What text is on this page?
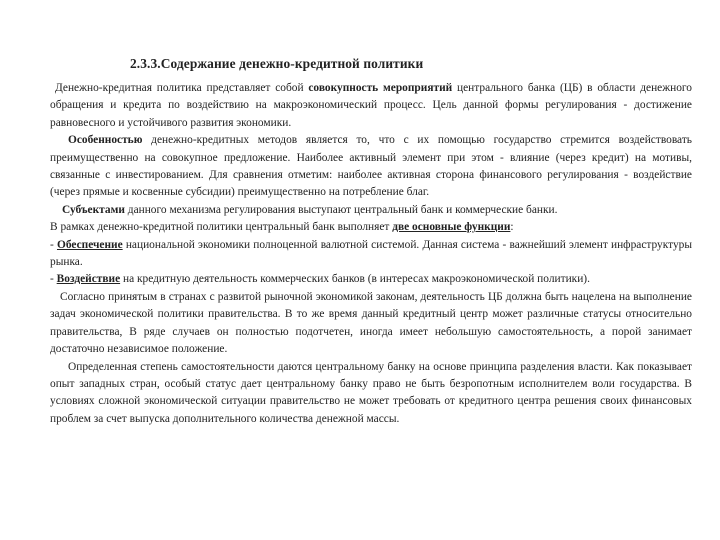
2.3.3.Содержание денежно-кредитной политики

Денежно-кредитная политика представляет собой совокупность мероприятий центрального банка (ЦБ) в области денежного обращения и кредита по воздействию на макроэкономический процесс. Цель данной формы регулирования - достижение равновесного и устойчивого развития экономики.

Особенностью денежно-кредитных методов является то, что с их помощью государство стремится воздействовать преимущественно на совокупное предложение. Наиболее активный элемент при этом - влияние (через кредит) на мотивы, связанные с инвестированием. Для сравнения отметим: наиболее активная сторона финансового регулирования - воздействие (через прямые и косвенные субсидии) преимущественно на потребление благ.

Субъектами данного механизма регулирования выступают центральный банк и коммерческие банки.

В рамках денежно-кредитной политики центральный банк выполняет две основные функции:

- Обеспечение национальной экономики полноценной валютной системой. Данная система - важнейший элемент инфраструктуры рынка.

- Воздействие на кредитную деятельность коммерческих банков (в интересах макроэкономической политики).

Согласно принятым в странах с развитой рыночной экономикой законам, деятельность ЦБ должна быть нацелена на выполнение задач экономической политики правительства. В то же время данный кредитный центр может различные статусы относительно правительства, В ряде случаев он полностью подотчетен, иногда имеет небольшую самостоятельность, а порой занимает достаточно независимое положение.

Определенная степень самостоятельности даются центральному банку на основе принципа разделения власти. Как показывает опыт западных стран, особый статус дает центральному банку право не быть безропотным исполнителем воли государства. В условиях сложной экономической ситуации правительство не может требовать от кредитного центра решения своих финансовых проблем за счет выпуска дополнительного количества денежной массы.
